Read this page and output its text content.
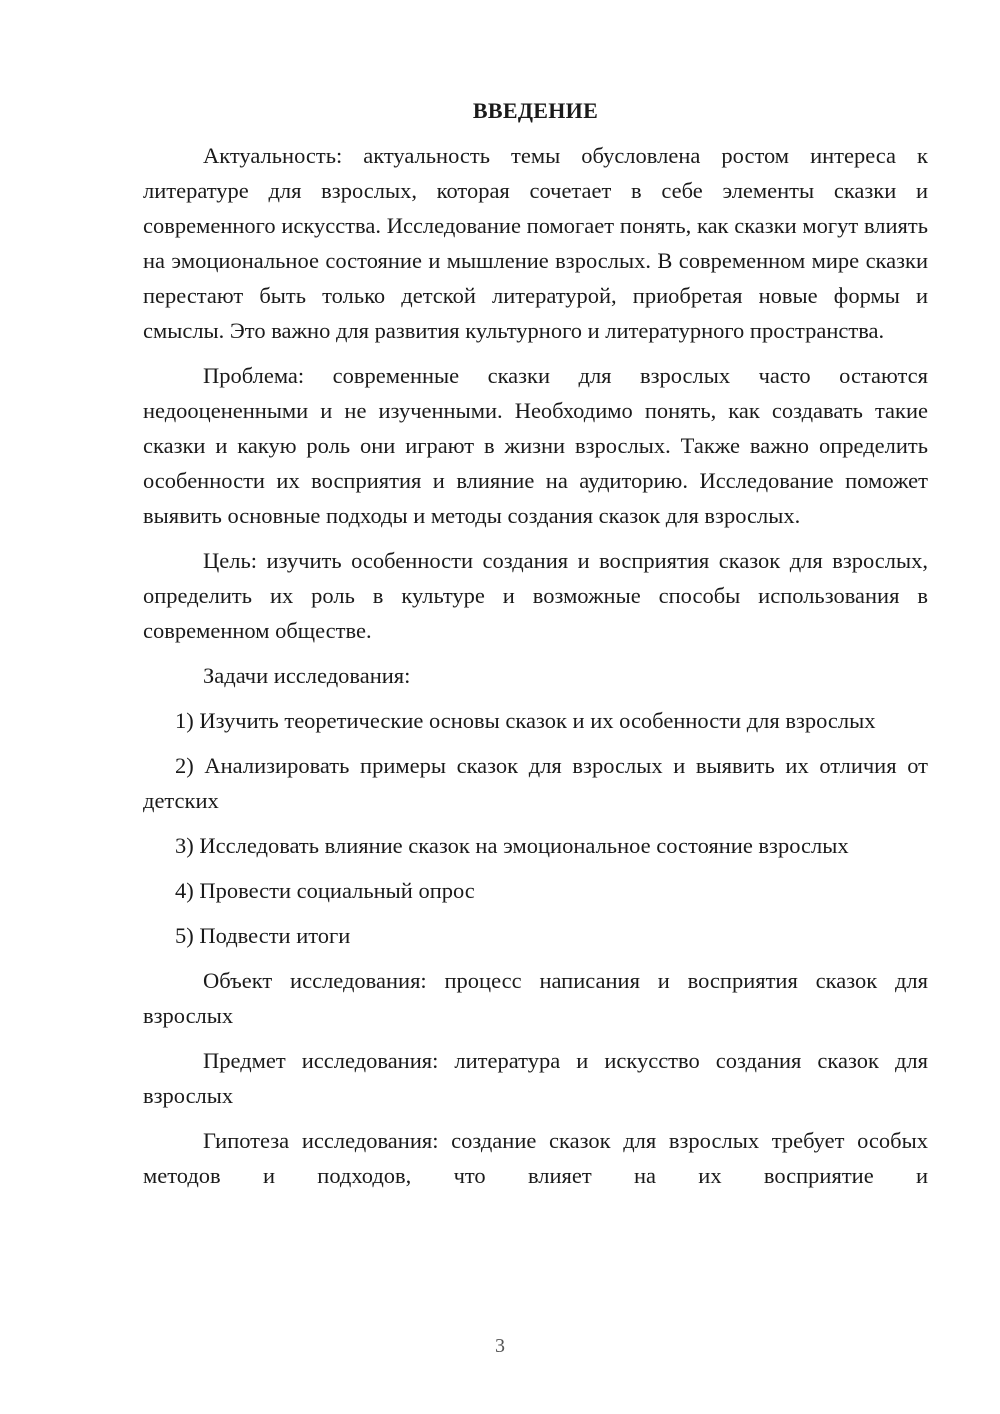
ВВЕДЕНИЕ

Актуальность: актуальность темы обусловлена ростом интереса к литературе для взрослых, которая сочетает в себе элементы сказки и современного искусства. Исследование помогает понять, как сказки могут влиять на эмоциональное состояние и мышление взрослых. В современном мире сказки перестают быть только детской литературой, приобретая новые формы и смыслы. Это важно для развития культурного и литературного пространства.

Проблема: современные сказки для взрослых часто остаются недооцененными и не изученными. Необходимо понять, как создавать такие сказки и какую роль они играют в жизни взрослых. Также важно определить особенности их восприятия и влияние на аудиторию. Исследование поможет выявить основные подходы и методы создания сказок для взрослых.

Цель: изучить особенности создания и восприятия сказок для взрослых, определить их роль в культуре и возможные способы использования в современном обществе.

Задачи исследования:

1) Изучить теоретические основы сказок и их особенности для взрослых

2) Анализировать примеры сказок для взрослых и выявить их отличия от детских

3) Исследовать влияние сказок на эмоциональное состояние взрослых

4) Провести социальный опрос

5) Подвести итоги

Объект исследования: процесс написания и восприятия сказок для взрослых

Предмет исследования: литература и искусство создания сказок для взрослых

Гипотеза исследования: создание сказок для взрослых требует особых методов и подходов, что влияет на их восприятие и

3
